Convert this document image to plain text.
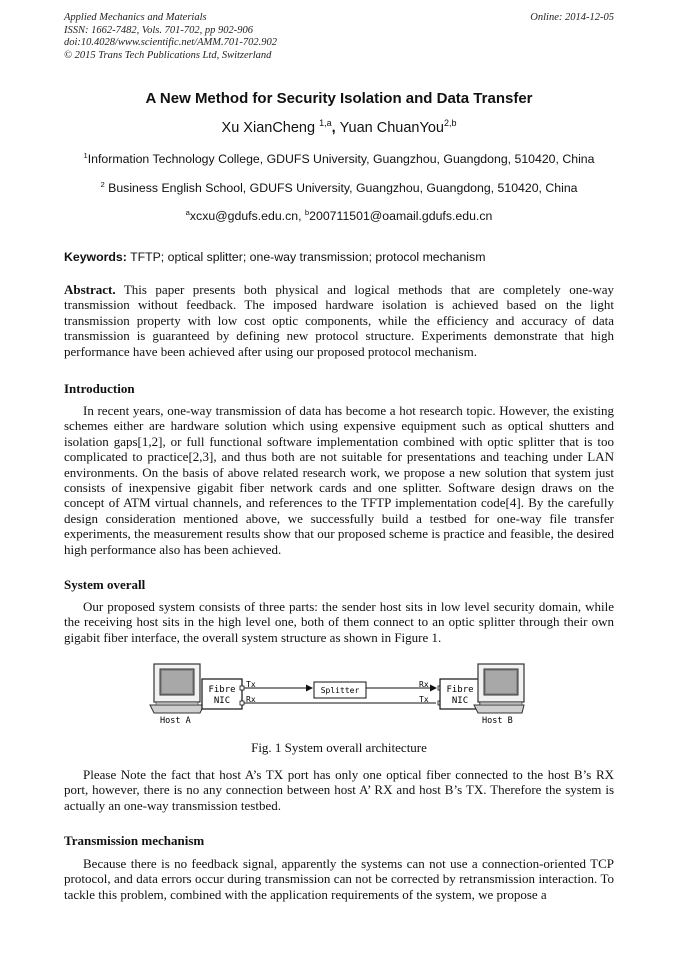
Applied Mechanics and Materials
ISSN: 1662-7482, Vols. 701-702, pp 902-906
doi:10.4028/www.scientific.net/AMM.701-702.902
© 2015 Trans Tech Publications Ltd, Switzerland
Online: 2014-12-05
A New Method for Security Isolation and Data Transfer
Xu XianCheng $^{1,a}$, Yuan ChuanYou$^{2,b}$
$^1$Information Technology College, GDUFS University, Guangzhou, Guangdong, 510420, China
$^2$ Business English School, GDUFS University, Guangzhou, Guangdong, 510420, China
$^a$xcxu@gdufs.edu.cn, $^b$200711501@oamail.gdufs.edu.cn
Keywords: TFTP; optical splitter; one-way transmission; protocol mechanism

Abstract. This paper presents both physical and logical methods that are completely one-way transmission without feedback. The imposed hardware isolation is achieved based on the light transmission property with low cost optic components, while the efficiency and accuracy of data transmission is guaranteed by defining new protocol structure. Experiments demonstrate that high performance have been achieved after using our proposed protocol mechanism.

Introduction

In recent years, one-way transmission of data has become a hot research topic. However, the existing schemes either are hardware solution which using expensive equipment such as optical shutters and isolation gaps[1,2], or full functional software implementation combined with optic splitter that is too complicated to practice[2,3], and thus both are not suitable for presentations and teaching under LAN environments. On the basis of above related research work, we propose a new solution that system just consists of inexpensive gigabit fiber network cards and one splitter. Software design draws on the concept of ATM virtual channels, and references to the TFTP implementation code[4]. By the carefully design consideration mentioned above, we successfully build a testbed for one-way file transfer experiments, the measurement results show that our proposed scheme is practice and feasible, the desired high performance also has been achieved.

System overall

Our proposed system consists of three parts: the sender host sits in low level security domain, while the receiving host sits in the high level one, both of them connect to an optic splitter through their own gigabit fiber interface, the overall system structure as shown in Figure 1.

Fibre
NIC
Tx
Rx
Splitter
Rx
Tx
Fibre
NIC
Host A	Host B
Fig. 1 System overall architecture

Please Note the fact that host A’s TX port has only one optical fiber connected to the host B’s RX port, however, there is no any connection between host A’ RX and host B’s TX. Therefore the system is actually an one-way transmission testbed.

Transmission mechanism

Because there is no feedback signal, apparently the systems can not use a connection-oriented TCP protocol, and data errors occur during transmission can not be corrected by retransmission interaction. To tackle this problem, combined with the application requirements of the system, we propose a
